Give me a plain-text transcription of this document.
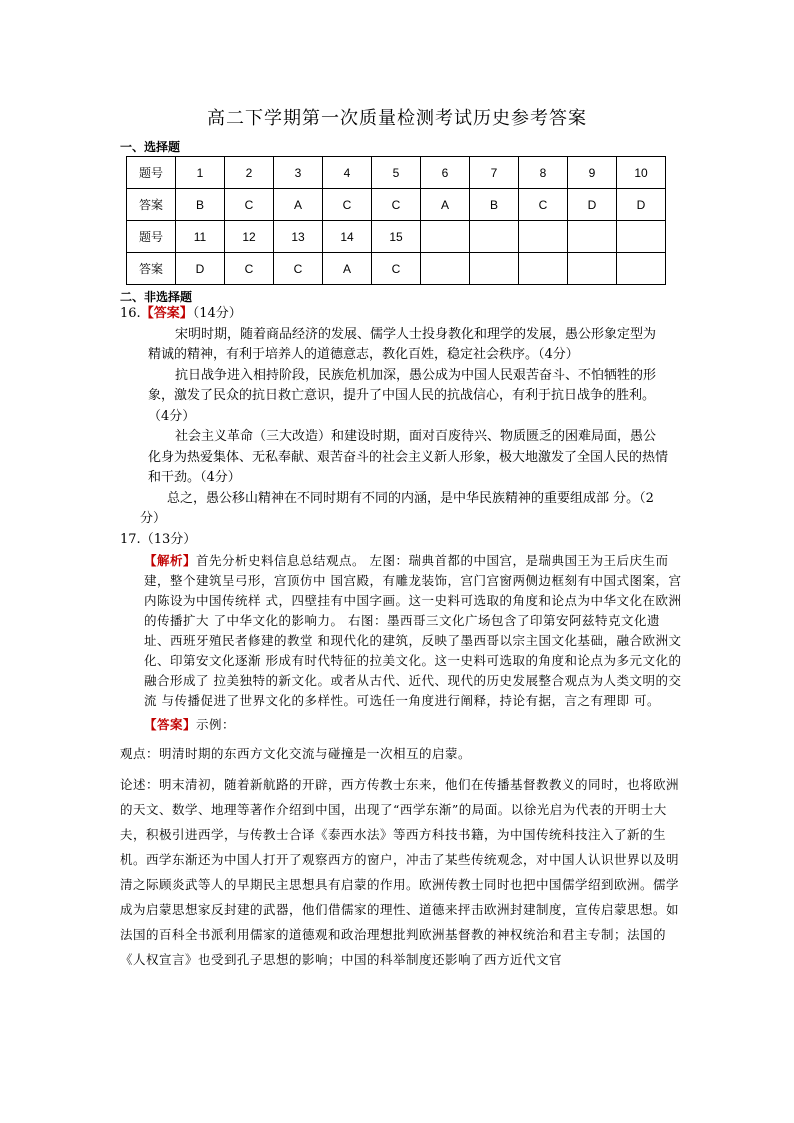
高二下学期第一次质量检测考试历史参考答案
一、选择题
题号	1	2	3	4	5	6	7	8	9	10
答案	B	C	A	C	C	A	B	C	D	D
题号	11	12	13	14	15					
答案	D	C	C	A	C					
二、非选择题

16.【答案】（14分）

宋明时期，随着商品经济的发展、儒学人士投身教化和理学的发展，愚公形象定型为精诚的精神，有利于培养人的道德意志，教化百姓，稳定社会秩序。（4分）

抗日战争进入相持阶段，民族危机加深，愚公成为中国人民艰苦奋斗、不怕牺牲的形象，激发了民众的抗日救亡意识，提升了中国人民的抗战信心，有利于抗日战争的胜利。（4分）

社会主义革命（三大改造）和建设时期，面对百废待兴、物质匮乏的困难局面，愚公化身为热爱集体、无私奉献、艰苦奋斗的社会主义新人形象，极大地激发了全国人民的热情和干劲。（4分）

总之，愚公移山精神在不同时期有不同的内涵，是中华民族精神的重要组成部 分。（2分）

17.（13分）

【解析】首先分析史料信息总结观点。 左图：瑞典首都的中国宫，是瑞典国王为王后庆生而建，整个建筑呈弓形，宫顶仿中 国宫殿，有雕龙装饰，宫门宫窗两侧边框刻有中国式图案，宫内陈设为中国传统样 式，四壁挂有中国字画。这一史料可选取的角度和论点为中华文化在欧洲的传播扩大 了中华文化的影响力。 右图：墨西哥三文化广场包含了印第安阿兹特克文化遗址、西班牙殖民者修建的教堂 和现代化的建筑，反映了墨西哥以宗主国文化基础，融合欧洲文化、印第安文化逐渐 形成有时代特征的拉美文化。这一史料可选取的角度和论点为多元文化的融合形成了 拉美独特的新文化。或者从古代、近代、现代的历史发展整合观点为人类文明的交流 与传播促进了世界文化的多样性。可选任一角度进行阐释，持论有据，言之有理即 可。

【答案】示例：

观点：明清时期的东西方文化交流与碰撞是一次相互的启蒙。

论述：明末清初，随着新航路的开辟，西方传教士东来，他们在传播基督教教义的同时，也将欧洲的天文、数学、地理等著作介绍到中国，出现了“西学东渐”的局面。以徐光启为代表的开明士大夫，积极引进西学，与传教士合译《泰西水法》等西方科技书籍，为中国传统科技注入了新的生机。西学东渐还为中国人打开了观察西方的窗户，冲击了某些传统观念，对中国人认识世界以及明清之际顾炎武等人的早期民主思想具有启蒙的作用。欧洲传教士同时也把中国儒学绍到欧洲。儒学成为启蒙思想家反封建的武器，他们借儒家的理性、道德来抨击欧洲封建制度，宣传启蒙思想。如法国的百科全书派利用儒家的道德观和政治理想批判欧洲基督教的神权统治和君主专制；法国的《人权宣言》也受到孔子思想的影响；中国的科举制度还影响了西方近代文官
